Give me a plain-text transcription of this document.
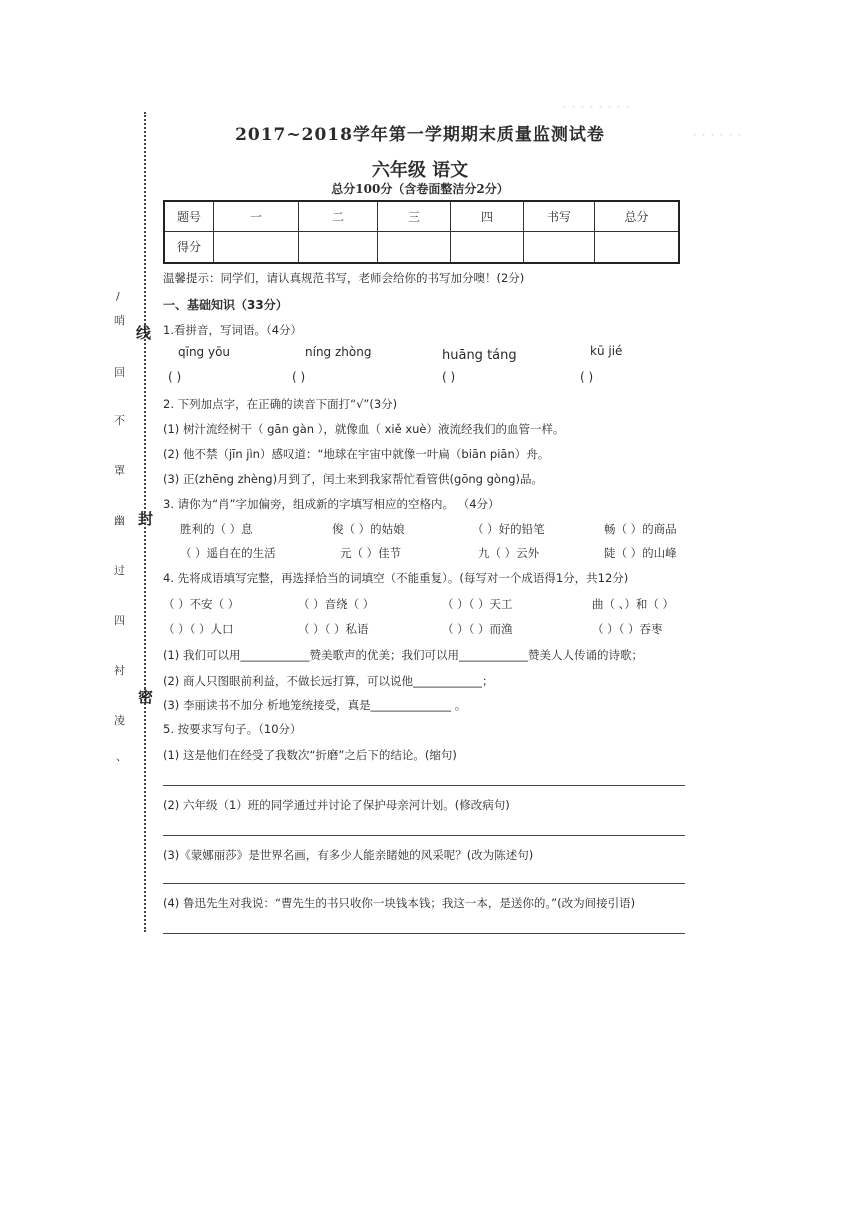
・・・・・・・・
・・・・・・
/
哨
线
回
不
罩
封
幽
过
四
衬
密
凌
、
2017~2018学年第一学期期末质量监测试卷
六年级 语文
总分100分（含卷面整洁分2分）
题号	一	二	三	四	书写	总分
得分						
温馨提示：同学们，请认真规范书写，老师会给你的书写加分噢！(2分)
一、基础知识（33分）
1.看拼音，写词语。（4分）
qīng yōu	níng zhòng	huāng táng	kū jié
( )	( )	( )	( )
2. 下列加点字，在正确的读音下面打“√”(3分)
(1) 树汁流经树干（ gān gàn ），就像血（ xiě xuè）液流经我们的血管一样。
(2) 他不禁（jīn jìn）感叹道：“地球在宇宙中就像一叶扁（biān piān）舟。
(3) 正(zhēng zhèng)月到了，闰土来到我家帮忙看管供(gōng gòng)品。
3. 请你为“肖”字加偏旁，组成新的字填写相应的空格内。 （4分）
胜利的（ ）息	俊（ ）的姑娘	（ ）好的铅笔	畅（ ）的商品
（ ）遥自在的生活	元（ ）佳节	九（ ）云外	陡（ ）的山峰
4. 先将成语填写完整，再选择恰当的词填空（不能重复）。(每写对一个成语得1分，共12分)
（ ）不安（ ）	（ ）音绕（ ）	（ ）（ ）天工	曲（ 、）和（ ）
（ ）（ ）人口	（ ）（ ）私语	（ ）（ ）而渔	（ ）（ ）吞枣
(1) 我们可以用____________赞美歌声的优美；我们可以用____________赞美人人传诵的诗歌；
(2) 商人只图眼前利益，不做长远打算，可以说他____________；
(3) 李丽读书不加分 析地笼统接受，真是______________ 。
5. 按要求写句子。（10分）
(1) 这是他们在经受了我数次“折磨”之后下的结论。(缩句)
(2) 六年级（1）班的同学通过并讨论了保护母亲河计划。(修改病句)
(3)《蒙娜丽莎》是世界名画，有多少人能亲睹她的风采呢？(改为陈述句)
(4) 鲁迅先生对我说：“曹先生的书只收你一块钱本钱；我这一本，是送你的。”(改为间接引语)
